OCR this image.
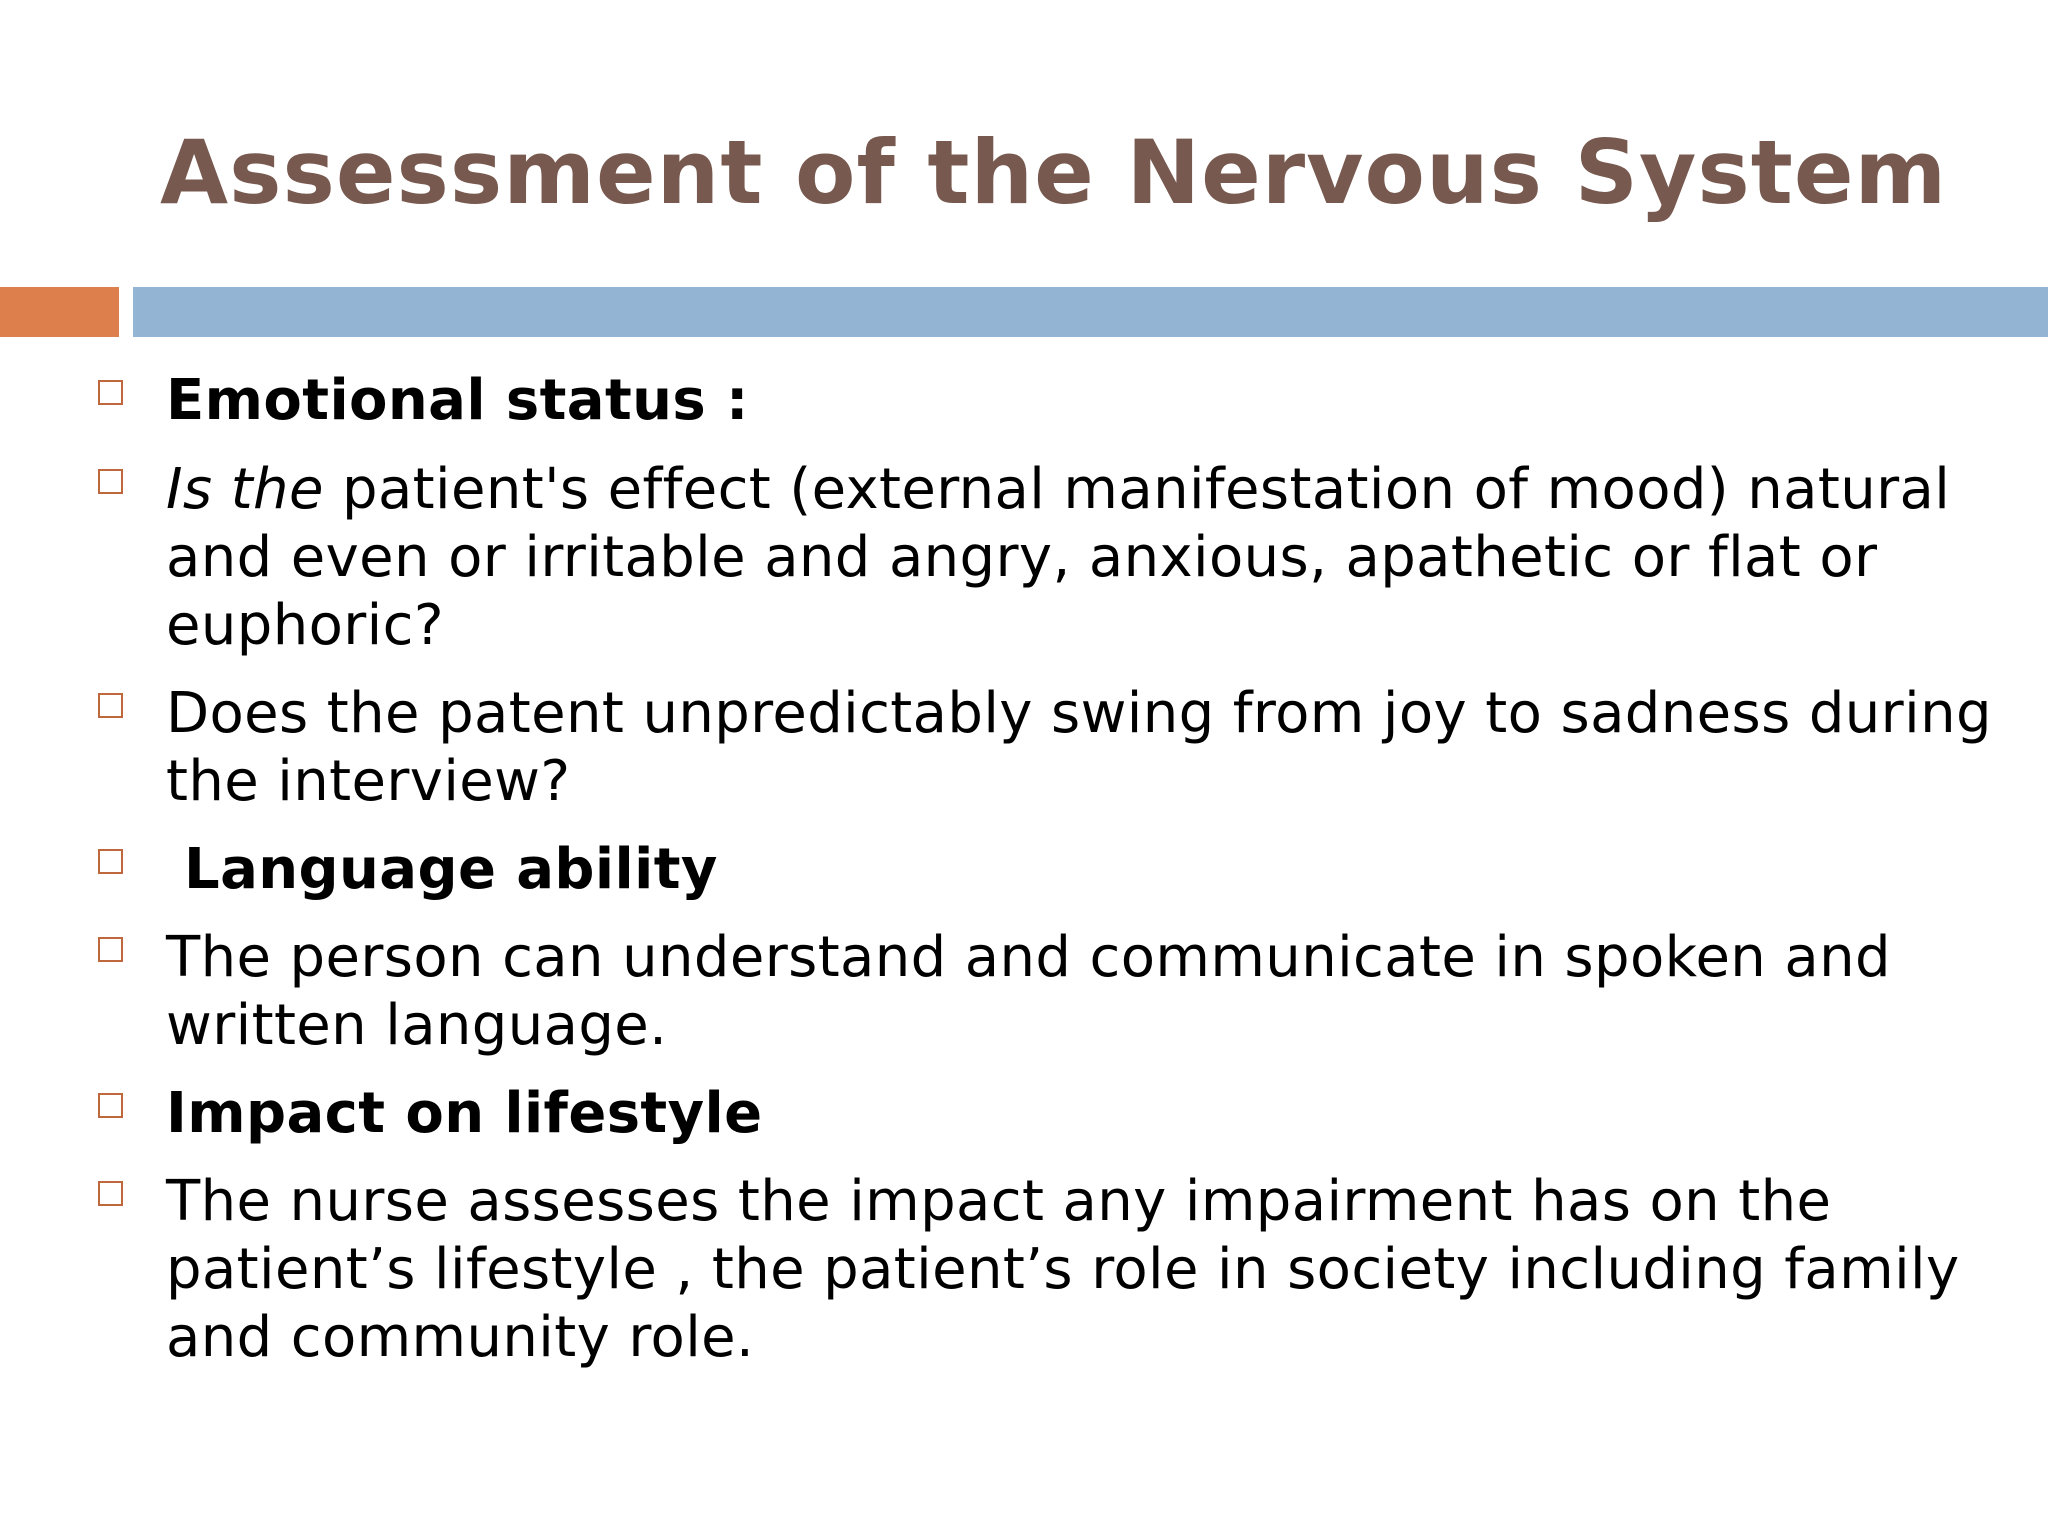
Assessment of the Nervous System
Emotional status :
Is the patient's effect (external manifestation of mood) natural and even or irritable and angry, anxious, apathetic or flat or euphoric?
Does the patent unpredictably swing from joy to sadness during the interview?
Language ability
The person can understand and communicate in spoken and written language.
Impact on lifestyle
The nurse assesses the impact any impairment has on the patient’s lifestyle , the patient’s role in society including family and community role.
